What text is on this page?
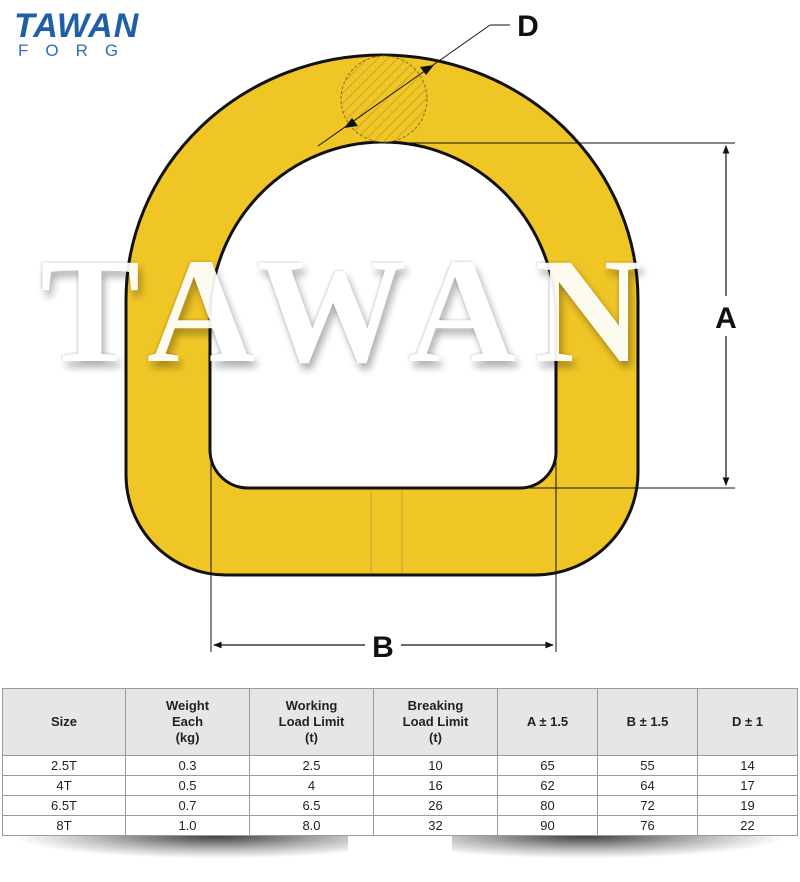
TAWAN
FORG
A
B
D
TAWAN
Size	Weight
Each
(kg)	Working
Load Limit
(t)	Breaking
Load Limit
(t)	A ± 1.5	B ± 1.5	D ± 1
2.5T	0.3	2.5	10	65	55	14
4T	0.5	4	16	62	64	17
6.5T	0.7	6.5	26	80	72	19
8T	1.0	8.0	32	90	76	22
